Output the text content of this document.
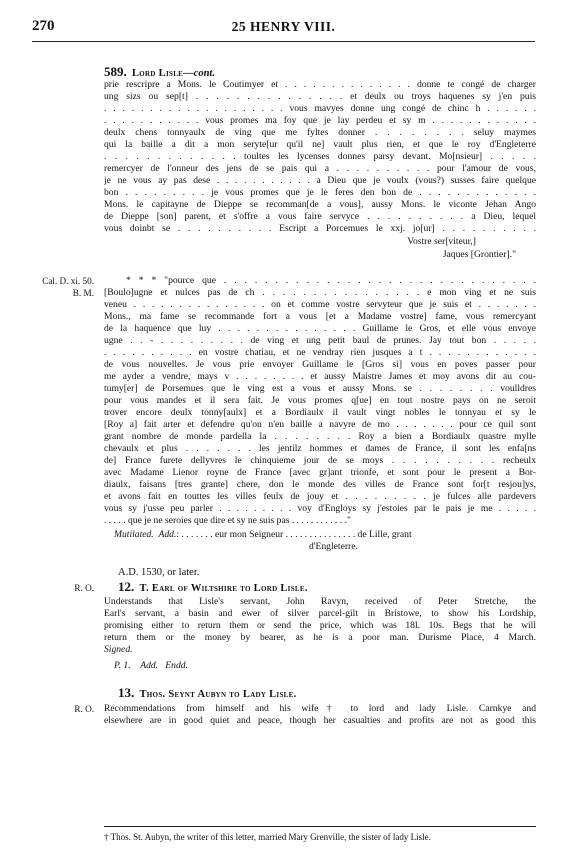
270	25 HENRY VIII.
589. Lord Lisle—cont.
prie rescripre a Mons. le Coutimyer et . . . . . . . . . . . . . . donne te congé de charger
ung sizs ou sep[t] . . . . . . . . . . . . . . . et deulx ou troys haquenes sy j'en puis
. . . . . . . . . . . . . . . . . . . . vous mavyes donne ung congé de chinc h . . . . . .
. . . . . . . . . . . vous promes ma foy que je lay perdeu et sy m . . . . . . . . . . . .
deulx chens tonnyaulx de ving que me fyltes donner . . . . . . . . seluy maymes
qui la baille a dit a mon seryte[ur qu'il ne] vault plus rien, et que le roy d'Engleterre
. . . . . . . . . . . . . toultes les lycenses donnes parsy devant. Mo[nsieur] . . . . .
remercyer de l'onneur des jens de se pais qui a . . . . . . . . . . pour l'amour de vous,
je ne vous ay pas dese . . . . . . . . . . . a Dieu que je voulx (vous?) susses faire quelque
bon . . . . . . . . . je vous promes que je le feres den bon de . . . . . . . . . . . . .
Mons. le capitayne de Dieppe se recomman[de a vous], aussy Mons. le viconte Jehan Ango
de Dieppe [son] parent, et s'offre a vous faire servyce . . . . . . . . . . a Dieu, lequel
vous doinbt se . . . . . . . . . . Escript a Porcemues le xxj. jo[ur] . . . . . . . . . .
Vostre ser[viteur,]
Jaques [Grontier]."
Cal. D. xi. 50.
B. M.
* * * "pource que . . . . . . . . . . . . . . . . . . . . . . . . . . . . . . .
[Boulo]ugne et nulces pas de ch . . . . . . . . . . . . . . . . e mon ving et ne suis
veneu . . . . . . . . . . . . . . . on et comme vostre servyteur que je suis et . . . . . . .
Mons., ma fame se recommande fort a vous [et a Madame vostre] fame, vous remercyant
de la haquence que luy . . . . . . . . . . . . . . . Guillame le Gros, et elle vous envoye
ugne . . - . . . . . . . . . de ving et ung petit baul de prunes. Jay tout bon . . . . .
. . . . . . . . . . en vostre chatiau, et ne vendray rien jusques a t . . . . . . . . . . . .
de vous nouvelles. Je vous prie envoyer Guillame le [Gros si] vous en poves passer pour
me ayder a vendre, mays v . . . . . . . . et aussy Maistre James et moy avons dit au cou-
tumy[er] de Porsemues que le ving est a vous et aussy Mons. se . . . . . . . . voulldres
pour vous mandes et il sera fait. Je vous promes q[ue] en tout nostre pays on ne seroit
trover encore deulx tonny[aulx] et a Bordiaulx il vault vingt nobles le tonnyau et sy le
[Roy a] fait arter et defendre qu'on n'en baille a navyre de mo . . . . . . . pour ce quil sont
grant nombre de monde pardella la . . . . . . . . Roy a bien a Bordiaulx quastre mylle
chevaulx et plus . . . . . . . les jentilz hommes et dames de France, il sont les enfa[ns
de] France furete dellyvres le chinquieme jour de se moys . . . . . . . . . . recheulx
avec Madame Lienor royne de France [avec gr]ant trionfe, et sont pour le present a Bor-
diaulx, faisans [tres grante] chere, don le monde des villes de France sont for[t resjou]ys,
et avons fait en touttes les villes feulx de jouy et . . . . . . . . . je fulces alle pardevers
vous sy j'usse peu parler . . . . . . . . . voy d'Engloys sy j'estoies par le pais je me . . . . .
. . . . . que je ne seroies que dire et sy ne suis pas . . . . . . . . . . . ."
Mutilated. Add.: . . . . . . . eur mon Seigneur . . . . . . . . . . . . . . . de Lille, grant
d'Engleterre.
A.D. 1530, or later.
R. O.	12. T. Earl of Wiltshire to Lord Lisle.
Understands that Lisle's servant, John Ravyn, received of Peter Stretche, the
Earl's servant, a basin and ewer of silver parcel-gilt in Bristowe, to show his Lordship,
promising either to return them or send the price, which was 18l. 10s. Begs that he will
return them or the money by bearer, as he is a poor man. Durisme Place, 4 March.
Signed.
P. 1. Add. Endd.
R. O.
13. Thos. Seynt Aubyn to Lady Lisle.
Recommendations from himself and his wife† to lord and lady Lisle. Carnkye and
elsewhere are in good quiet and peace, though her casualties and profits are not as good this
† Thos. St. Aubyn, the writer of this letter, married Mary Grenville, the sister of lady Lisle.
